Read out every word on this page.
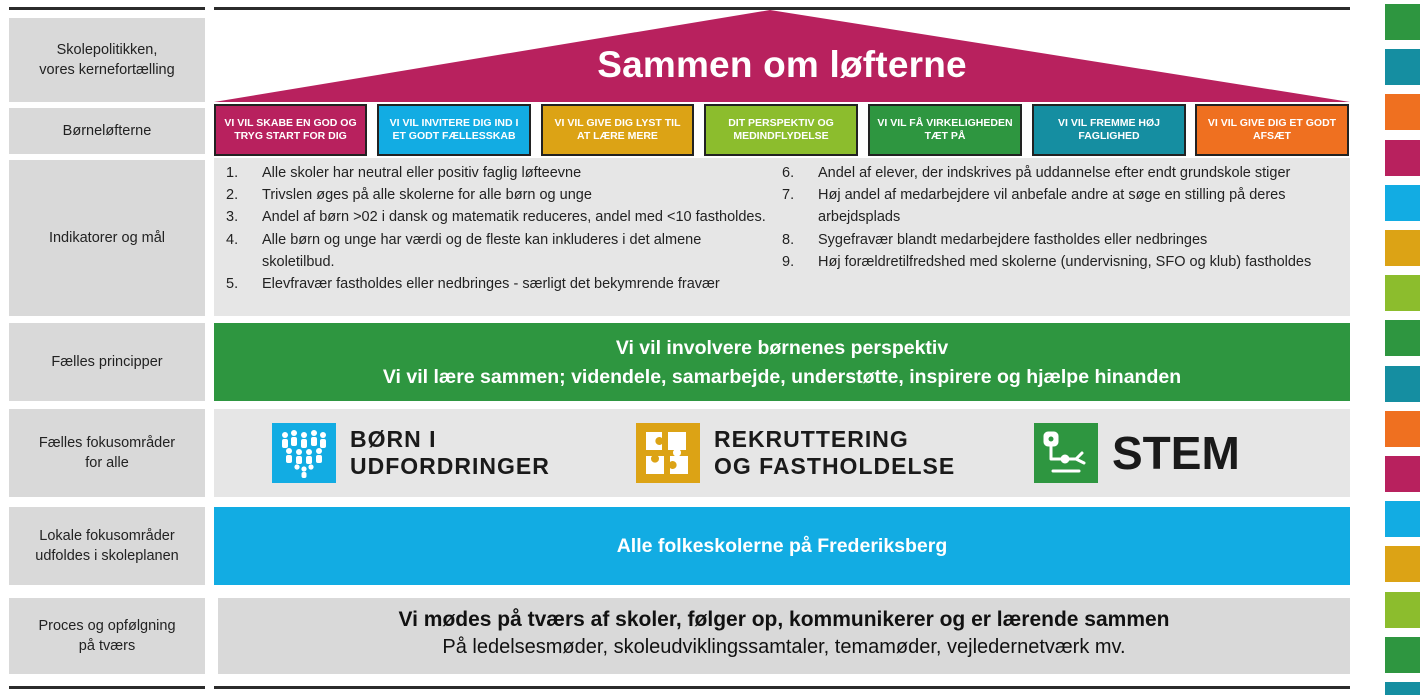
Skolepolitikken,
vores kernefortælling
Børneløfterne
Indikatorer og mål
Fælles principper
Fælles fokusområder
for alle
Lokale fokusområder
udfoldes i skoleplanen
Proces og opfølgning
på tværs
Sammen om løfterne
VI VIL SKABE EN GOD OG TRYG START FOR DIG
VI VIL INVITERE DIG IND I ET GODT FÆLLESSKAB
VI VIL GIVE DIG LYST TIL AT LÆRE MERE
DIT PERSPEKTIV OG MEDINDFLYDELSE
VI VIL FÅ VIRKELIGHEDEN TÆT PÅ
VI VIL FREMME HØJ FAGLIGHED
VI VIL GIVE DIG ET GODT AFSÆT
1.	Alle skoler har neutral eller positiv faglig løfteevne
2.	Trivslen øges på alle skolerne for alle børn og unge
3.	Andel af børn >02 i dansk og matematik reduceres, andel med <10 fastholdes.
4.	Alle børn og unge har værdi og de fleste kan inkluderes i det almene skoletilbud.
5.	Elevfravær fastholdes eller nedbringes - særligt det bekymrende fravær
6.	Andel af elever, der indskrives på uddannelse efter endt grundskole stiger
7.	Høj andel af medarbejdere vil anbefale andre at søge en stilling på deres arbejdsplads
8.	Sygefravær blandt medarbejdere fastholdes eller nedbringes
9.	Høj forældretilfredshed med skolerne (undervisning, SFO og klub) fastholdes
Vi vil involvere børnenes perspektiv
Vi vil lære sammen; videndele, samarbejde, understøtte, inspirere og hjælpe hinanden
BØRN I
UDFORDRINGER
REKRUTTERING
OG FASTHOLDELSE	STEM
Alle folkeskolerne på Frederiksberg
Vi mødes på tværs af skoler, følger op, kommunikerer og er lærende sammen
På ledelsesmøder, skoleudviklingssamtaler, temamøder, vejledernetværk mv.
